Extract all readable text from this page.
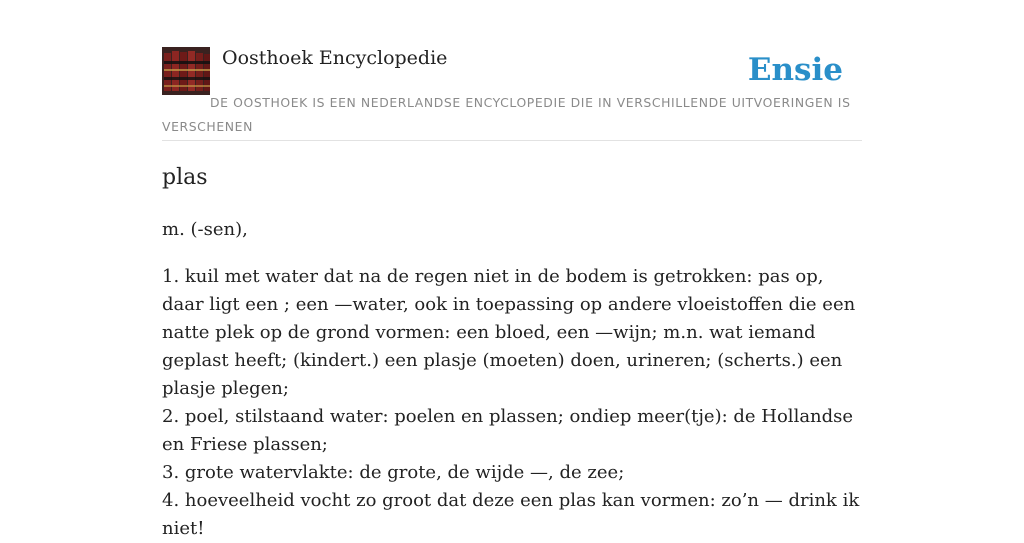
Oosthoek Encyclopedie	Ensie
DE OOSTHOEK IS EEN NEDERLANDSE ENCYCLOPEDIE DIE IN VERSCHILLENDE UITVOERINGEN IS VERSCHENEN
plas
m. (-sen),
1. kuil met water dat na de regen niet in de bodem is getrokken: pas op, daar ligt een ; een —water, ook in toepassing op andere vloeistoffen die een natte plek op de grond vormen: een bloed, een —wijn; m.n. wat iemand geplast heeft; (kindert.) een plasje (moeten) doen, urineren; (scherts.) een plasje plegen;
2. poel, stilstaand water: poelen en plassen; ondiep meer(tje): de Hollandse en Friese plassen;
3. grote watervlakte: de grote, de wijde —, de zee;
4. hoeveelheid vocht zo groot dat deze een plas kan vormen: zo’n — drink ik niet!
